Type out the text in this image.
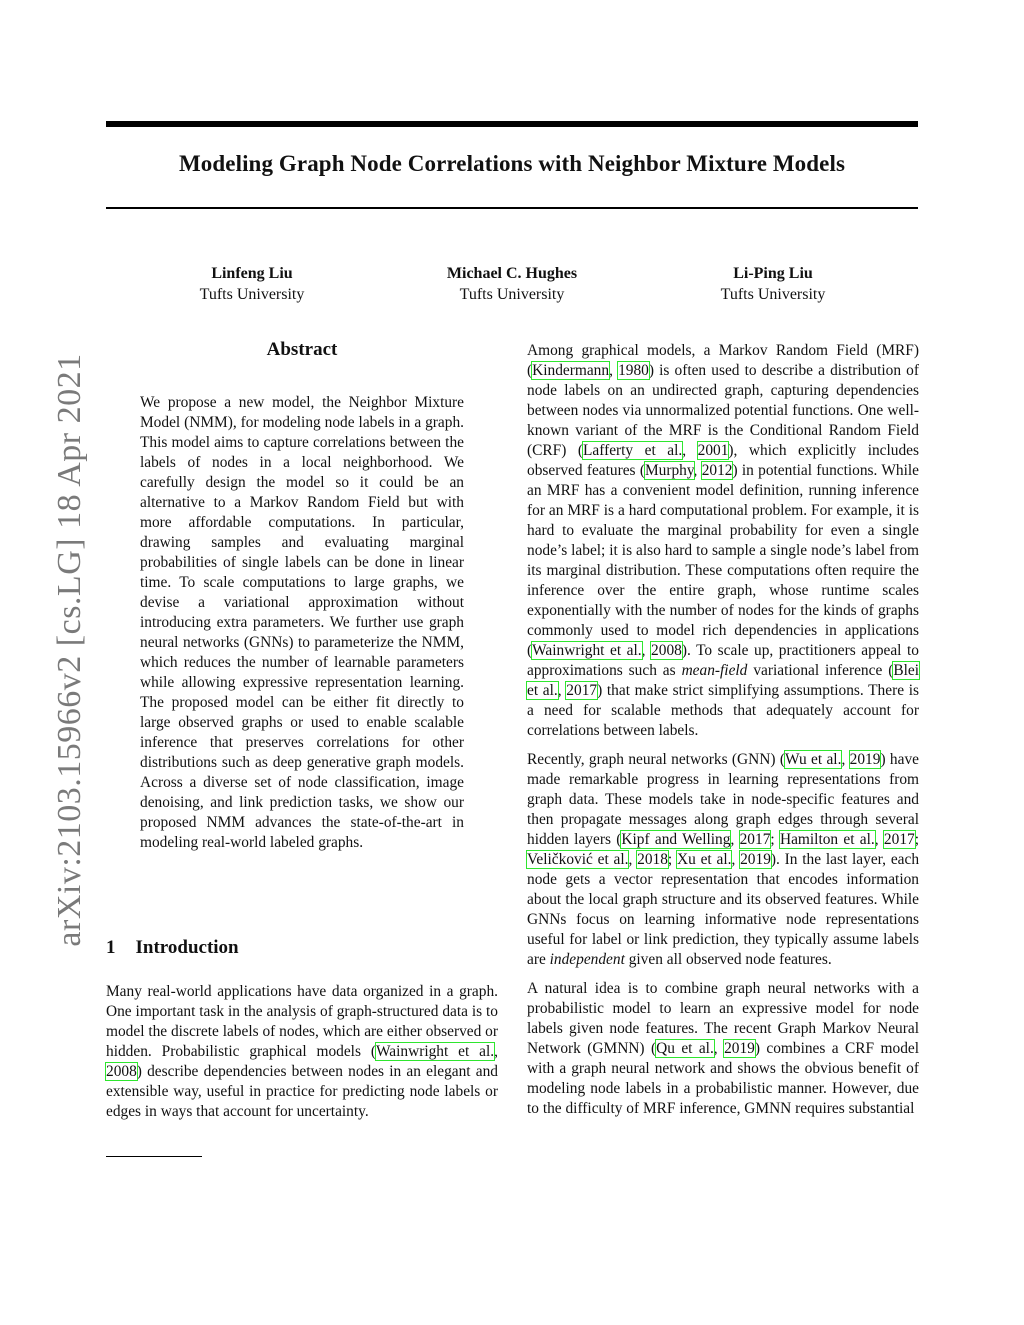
Modeling Graph Node Correlations with Neighbor Mixture Models
Linfeng Liu
Tufts University
Michael C. Hughes
Tufts University
Li-Ping Liu
Tufts University
arXiv:2103.15966v2 [cs.LG] 18 Apr 2021
Abstract
We propose a new model, the Neighbor Mixture Model (NMM), for modeling node labels in a graph. This model aims to capture correlations between the labels of nodes in a local neighborhood. We carefully design the model so it could be an alternative to a Markov Random Field but with more affordable computations. In particular, drawing samples and evaluating marginal probabilities of single labels can be done in linear time. To scale computations to large graphs, we devise a variational approximation without introducing extra parameters. We further use graph neural networks (GNNs) to parameterize the NMM, which reduces the number of learnable parameters while allowing expressive representation learning. The proposed model can be either fit directly to large observed graphs or used to enable scalable inference that preserves correlations for other distributions such as deep generative graph models. Across a diverse set of node classification, image denoising, and link prediction tasks, we show our proposed NMM advances the state-of-the-art in modeling real-world labeled graphs.
1 Introduction

Many real-world applications have data organized in a graph. One important task in the analysis of graph-structured data is to model the discrete labels of nodes, which are either observed or hidden. Probabilistic graphical models (Wainwright et al., 2008) describe dependencies between nodes in an elegant and extensible way, useful in practice for predicting node labels or edges in ways that account for uncertainty.

Among graphical models, a Markov Random Field (MRF) (Kindermann, 1980) is often used to describe a distribution of node labels on an undirected graph, capturing dependencies between nodes via unnormalized potential functions. One well-known variant of the MRF is the Conditional Random Field (CRF) (Lafferty et al., 2001), which explicitly includes observed features (Murphy, 2012) in potential functions. While an MRF has a convenient model definition, running inference for an MRF is a hard computational problem. For example, it is hard to evaluate the marginal probability for even a single node’s label; it is also hard to sample a single node’s label from its marginal distribution. These computations often require the inference over the entire graph, whose runtime scales exponentially with the number of nodes for the kinds of graphs commonly used to model rich dependencies in applications (Wainwright et al., 2008). To scale up, practitioners appeal to approximations such as mean-field variational inference (Blei et al., 2017) that make strict simplifying assumptions. There is a need for scalable methods that adequately account for correlations between labels.

Recently, graph neural networks (GNN) (Wu et al., 2019) have made remarkable progress in learning representations from graph data. These models take in node-specific features and then propagate messages along graph edges through several hidden layers (Kipf and Welling, 2017; Hamilton et al., 2017; Veličković et al., 2018; Xu et al., 2019). In the last layer, each node gets a vector representation that encodes information about the local graph structure and its observed features. While GNNs focus on learning informative node representations useful for label or link prediction, they typically assume labels are independent given all observed node features.

A natural idea is to combine graph neural networks with a probabilistic model to learn an expressive model for node labels given node features. The recent Graph Markov Neural Network (GMNN) (Qu et al., 2019) combines a CRF model with a graph neural network and shows the obvious benefit of modeling node labels in a probabilistic manner. However, due to the difficulty of MRF inference, GMNN requires substantial
